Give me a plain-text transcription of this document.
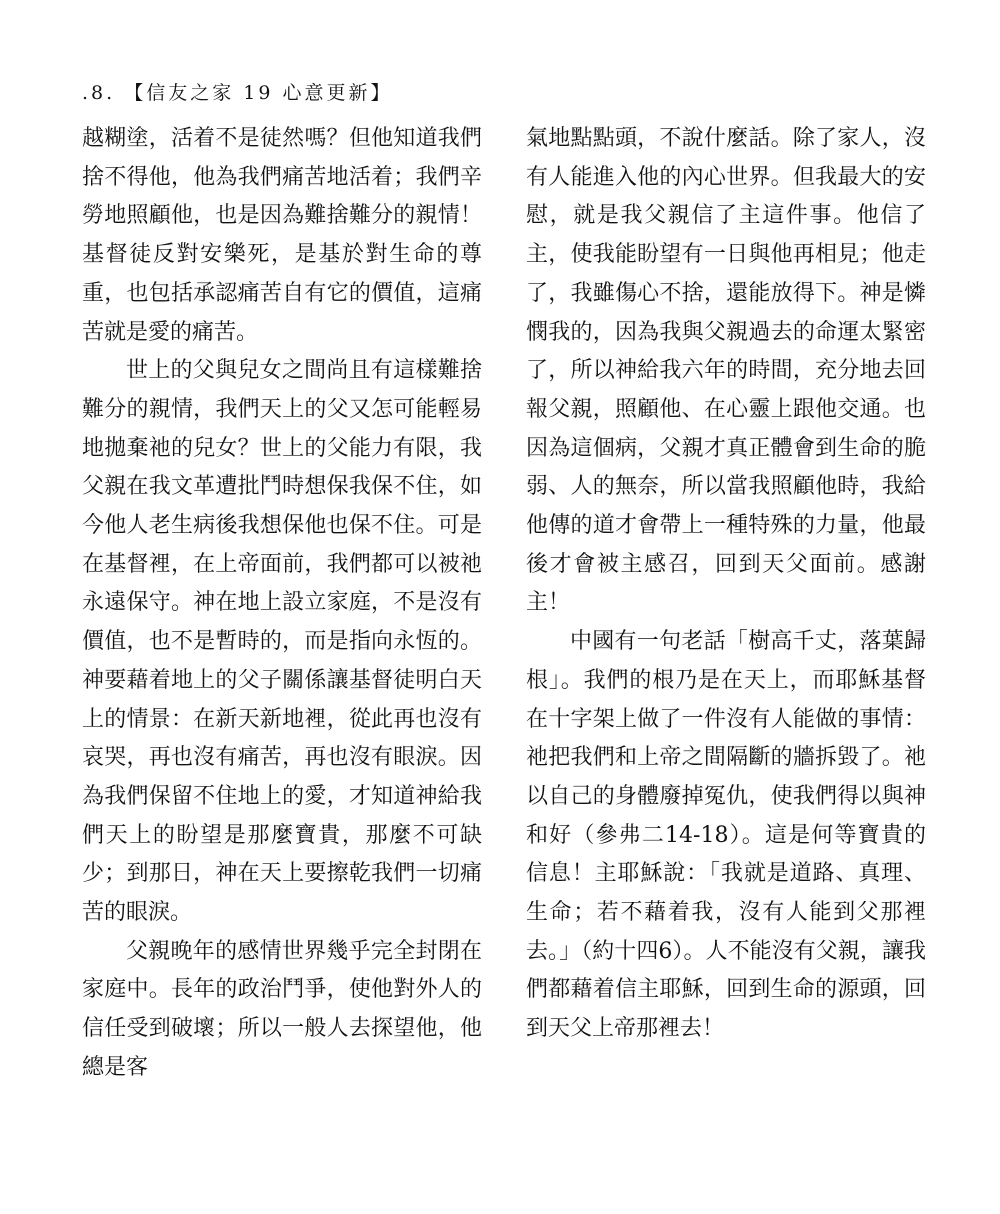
.8. 【信友之家 19 心意更新】

越糊塗，活着不是徒然嗎？但他知道我們捨不得他，他為我們痛苦地活着；我們辛勞地照顧他，也是因為難捨難分的親情！基督徒反對安樂死，是基於對生命的尊重，也包括承認痛苦自有它的價值，這痛苦就是愛的痛苦。

世上的父與兒女之間尚且有這樣難捨難分的親情，我們天上的父又怎可能輕易地拋棄祂的兒女？世上的父能力有限，我父親在我文革遭批鬥時想保我保不住，如今他人老生病後我想保他也保不住。可是在基督裡，在上帝面前，我們都可以被祂永遠保守。神在地上設立家庭，不是沒有價值，也不是暫時的，而是指向永恆的。神要藉着地上的父子關係讓基督徒明白天上的情景：在新天新地裡，從此再也沒有哀哭，再也沒有痛苦，再也沒有眼淚。因為我們保留不住地上的愛，才知道神給我們天上的盼望是那麼寶貴，那麼不可缺少；到那日，神在天上要擦乾我們一切痛苦的眼淚。

父親晚年的感情世界幾乎完全封閉在家庭中。長年的政治鬥爭，使他對外人的信任受到破壞；所以一般人去探望他，他總是客

氣地點點頭，不說什麼話。除了家人，沒有人能進入他的內心世界。但我最大的安慰，就是我父親信了主這件事。他信了主，使我能盼望有一日與他再相見；他走了，我雖傷心不捨，還能放得下。神是憐憫我的，因為我與父親過去的命運太緊密了，所以神給我六年的時間，充分地去回報父親，照顧他、在心靈上跟他交通。也因為這個病，父親才真正體會到生命的脆弱、人的無奈，所以當我照顧他時，我給他傳的道才會帶上一種特殊的力量，他最後才會被主感召，回到天父面前。感謝主！

中國有一句老話「樹高千丈，落葉歸根」。我們的根乃是在天上，而耶穌基督在十字架上做了一件沒有人能做的事情：祂把我們和上帝之間隔斷的牆拆毀了。祂以自己的身體廢掉冤仇，使我們得以與神和好（參弗二14-18）。這是何等寶貴的信息！主耶穌說：「我就是道路、真理、生命；若不藉着我，沒有人能到父那裡去。」（約十四6）。人不能沒有父親，讓我們都藉着信主耶穌，回到生命的源頭，回到天父上帝那裡去！
